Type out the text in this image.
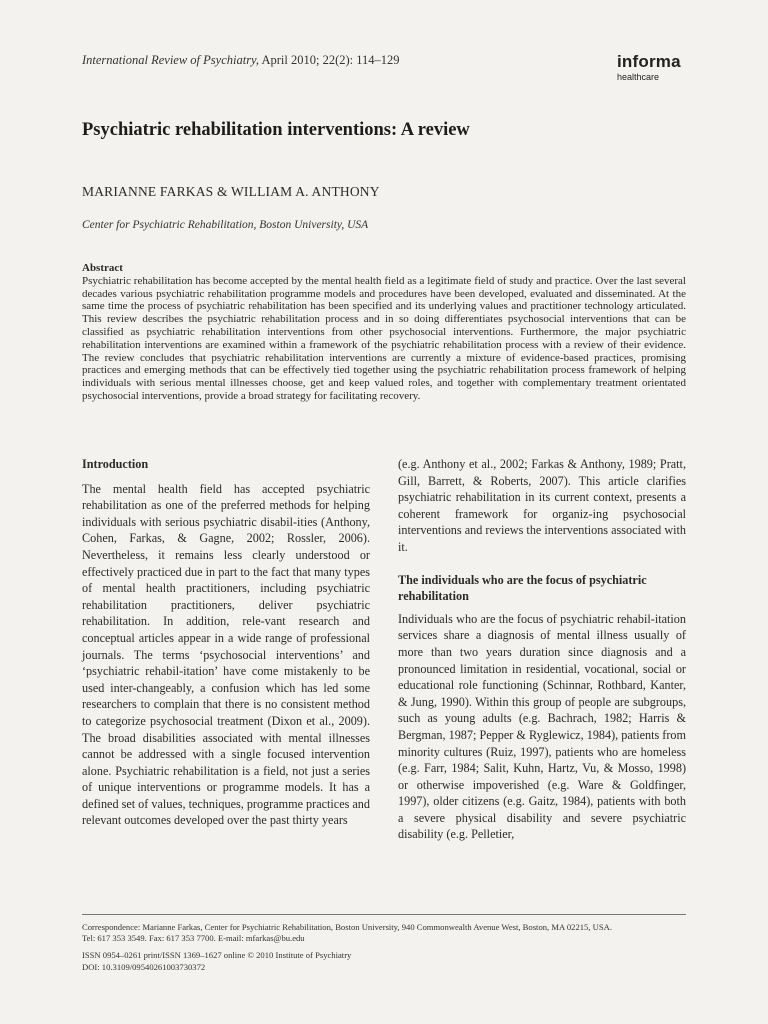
International Review of Psychiatry, April 2010; 22(2): 114–129	informa
healthcare
Psychiatric rehabilitation interventions: A review
MARIANNE FARKAS & WILLIAM A. ANTHONY
Center for Psychiatric Rehabilitation, Boston University, USA
Abstract

Psychiatric rehabilitation has become accepted by the mental health field as a legitimate field of study and practice. Over the last several decades various psychiatric rehabilitation programme models and procedures have been developed, evaluated and disseminated. At the same time the process of psychiatric rehabilitation has been specified and its underlying values and practitioner technology articulated. This review describes the psychiatric rehabilitation process and in so doing differentiates psychosocial interventions that can be classified as psychiatric rehabilitation interventions from other psychosocial interventions. Furthermore, the major psychiatric rehabilitation interventions are examined within a framework of the psychiatric rehabilitation process with a review of their evidence. The review concludes that psychiatric rehabilitation interventions are currently a mixture of evidence-based practices, promising practices and emerging methods that can be effectively tied together using the psychiatric rehabilitation process framework of helping individuals with serious mental illnesses choose, get and keep valued roles, and together with complementary treatment orientated psychosocial interventions, provide a broad strategy for facilitating recovery.

Introduction

The mental health field has accepted psychiatric rehabilitation as one of the preferred methods for helping individuals with serious psychiatric disabil-ities (Anthony, Cohen, Farkas, & Gagne, 2002; Rossler, 2006). Nevertheless, it remains less clearly understood or effectively practiced due in part to the fact that many types of mental health practitioners, including psychiatric rehabilitation practitioners, deliver psychiatric rehabilitation. In addition, rele-vant research and conceptual articles appear in a wide range of professional journals. The terms ‘psychosocial interventions’ and ‘psychiatric rehabil-itation’ have come mistakenly to be used inter-changeably, a confusion which has led some researchers to complain that there is no consistent method to categorize psychosocial treatment (Dixon et al., 2009). The broad disabilities associated with mental illnesses cannot be addressed with a single focused intervention alone. Psychiatric rehabilitation is a field, not just a series of unique interventions or programme models. It has a defined set of values, techniques, programme practices and relevant outcomes developed over the past thirty years

(e.g. Anthony et al., 2002; Farkas & Anthony, 1989; Pratt, Gill, Barrett, & Roberts, 2007). This article clarifies psychiatric rehabilitation in its current context, presents a coherent framework for organiz-ing psychosocial interventions and reviews the interventions associated with it.

The individuals who are the focus of psychiatric rehabilitation

Individuals who are the focus of psychiatric rehabil-itation services share a diagnosis of mental illness usually of more than two years duration since diagnosis and a pronounced limitation in residential, vocational, social or educational role functioning (Schinnar, Rothbard, Kanter, & Jung, 1990). Within this group of people are subgroups, such as young adults (e.g. Bachrach, 1982; Harris & Bergman, 1987; Pepper & Ryglewicz, 1984), patients from minority cultures (Ruiz, 1997), patients who are homeless (e.g. Farr, 1984; Salit, Kuhn, Hartz, Vu, & Mosso, 1998) or otherwise impoverished (e.g. Ware & Goldfinger, 1997), older citizens (e.g. Gaitz, 1984), patients with both a severe physical disability and severe psychiatric disability (e.g. Pelletier,

Correspondence: Marianne Farkas, Center for Psychiatric Rehabilitation, Boston University, 940 Commonwealth Avenue West, Boston, MA 02215, USA.
Tel: 617 353 3549. Fax: 617 353 7700. E-mail: mfarkas@bu.edu
ISSN 0954–0261 print/ISSN 1369–1627 online © 2010 Institute of Psychiatry
DOI: 10.3109/09540261003730372
